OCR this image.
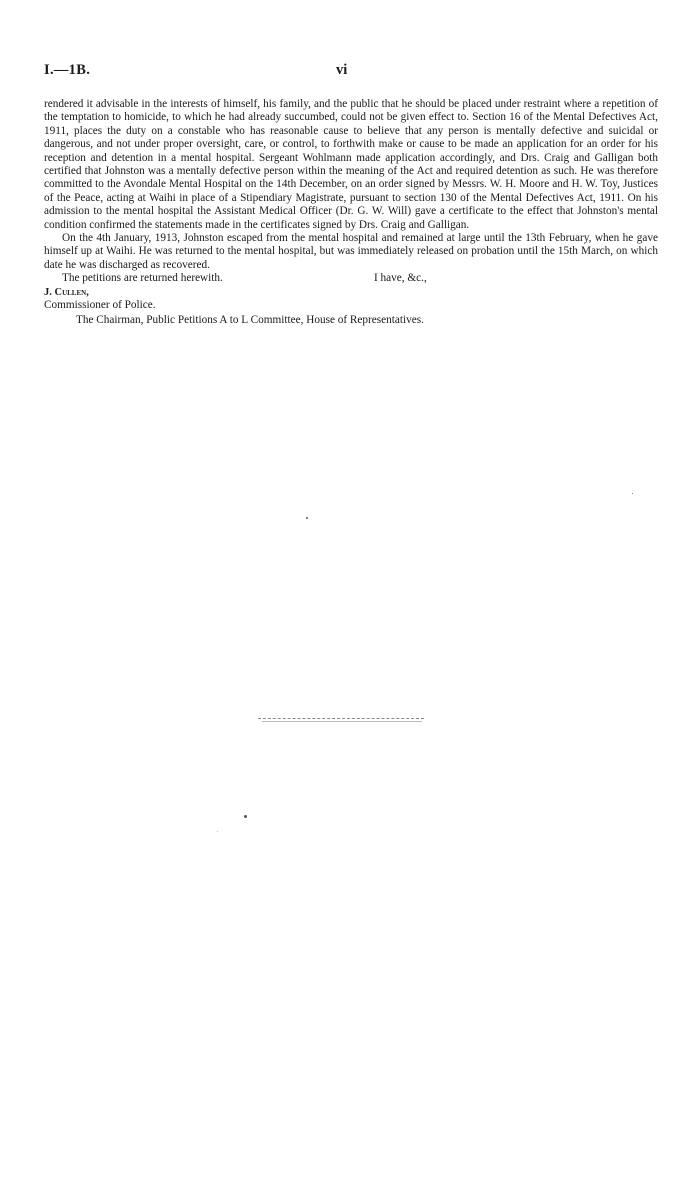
I.—1B.	vi

rendered it advisable in the interests of himself, his family, and the public that he should be placed under restraint where a repetition of the temptation to homicide, to which he had already succumbed, could not be given effect to. Section 16 of the Mental Defectives Act, 1911, places the duty on a constable who has reasonable cause to believe that any person is mentally defective and suicidal or dangerous, and not under proper oversight, care, or control, to forthwith make or cause to be made an application for an order for his reception and detention in a mental hospital. Sergeant Wohlmann made application accordingly, and Drs. Craig and Galligan both certified that Johnston was a mentally defective person within the meaning of the Act and required detention as such. He was therefore committed to the Avondale Mental Hospital on the 14th December, on an order signed by Messrs. W. H. Moore and H. W. Toy, Justices of the Peace, acting at Waihi in place of a Stipendiary Magistrate, pursuant to section 130 of the Mental Defectives Act, 1911. On his admission to the mental hospital the Assistant Medical Officer (Dr. G. W. Will) gave a certificate to the effect that Johnston's mental condition confirmed the statements made in the certificates signed by Drs. Craig and Galligan.

On the 4th January, 1913, Johnston escaped from the mental hospital and remained at large until the 13th February, when he gave himself up at Waihi. He was returned to the mental hospital, but was immediately released on probation until the 15th March, on which date he was discharged as recovered.

The petitions are returned herewith.	I have, &c.,

J. Cullen,

Commissioner of Police.

The Chairman, Public Petitions A to L Committee, House of Representatives.
